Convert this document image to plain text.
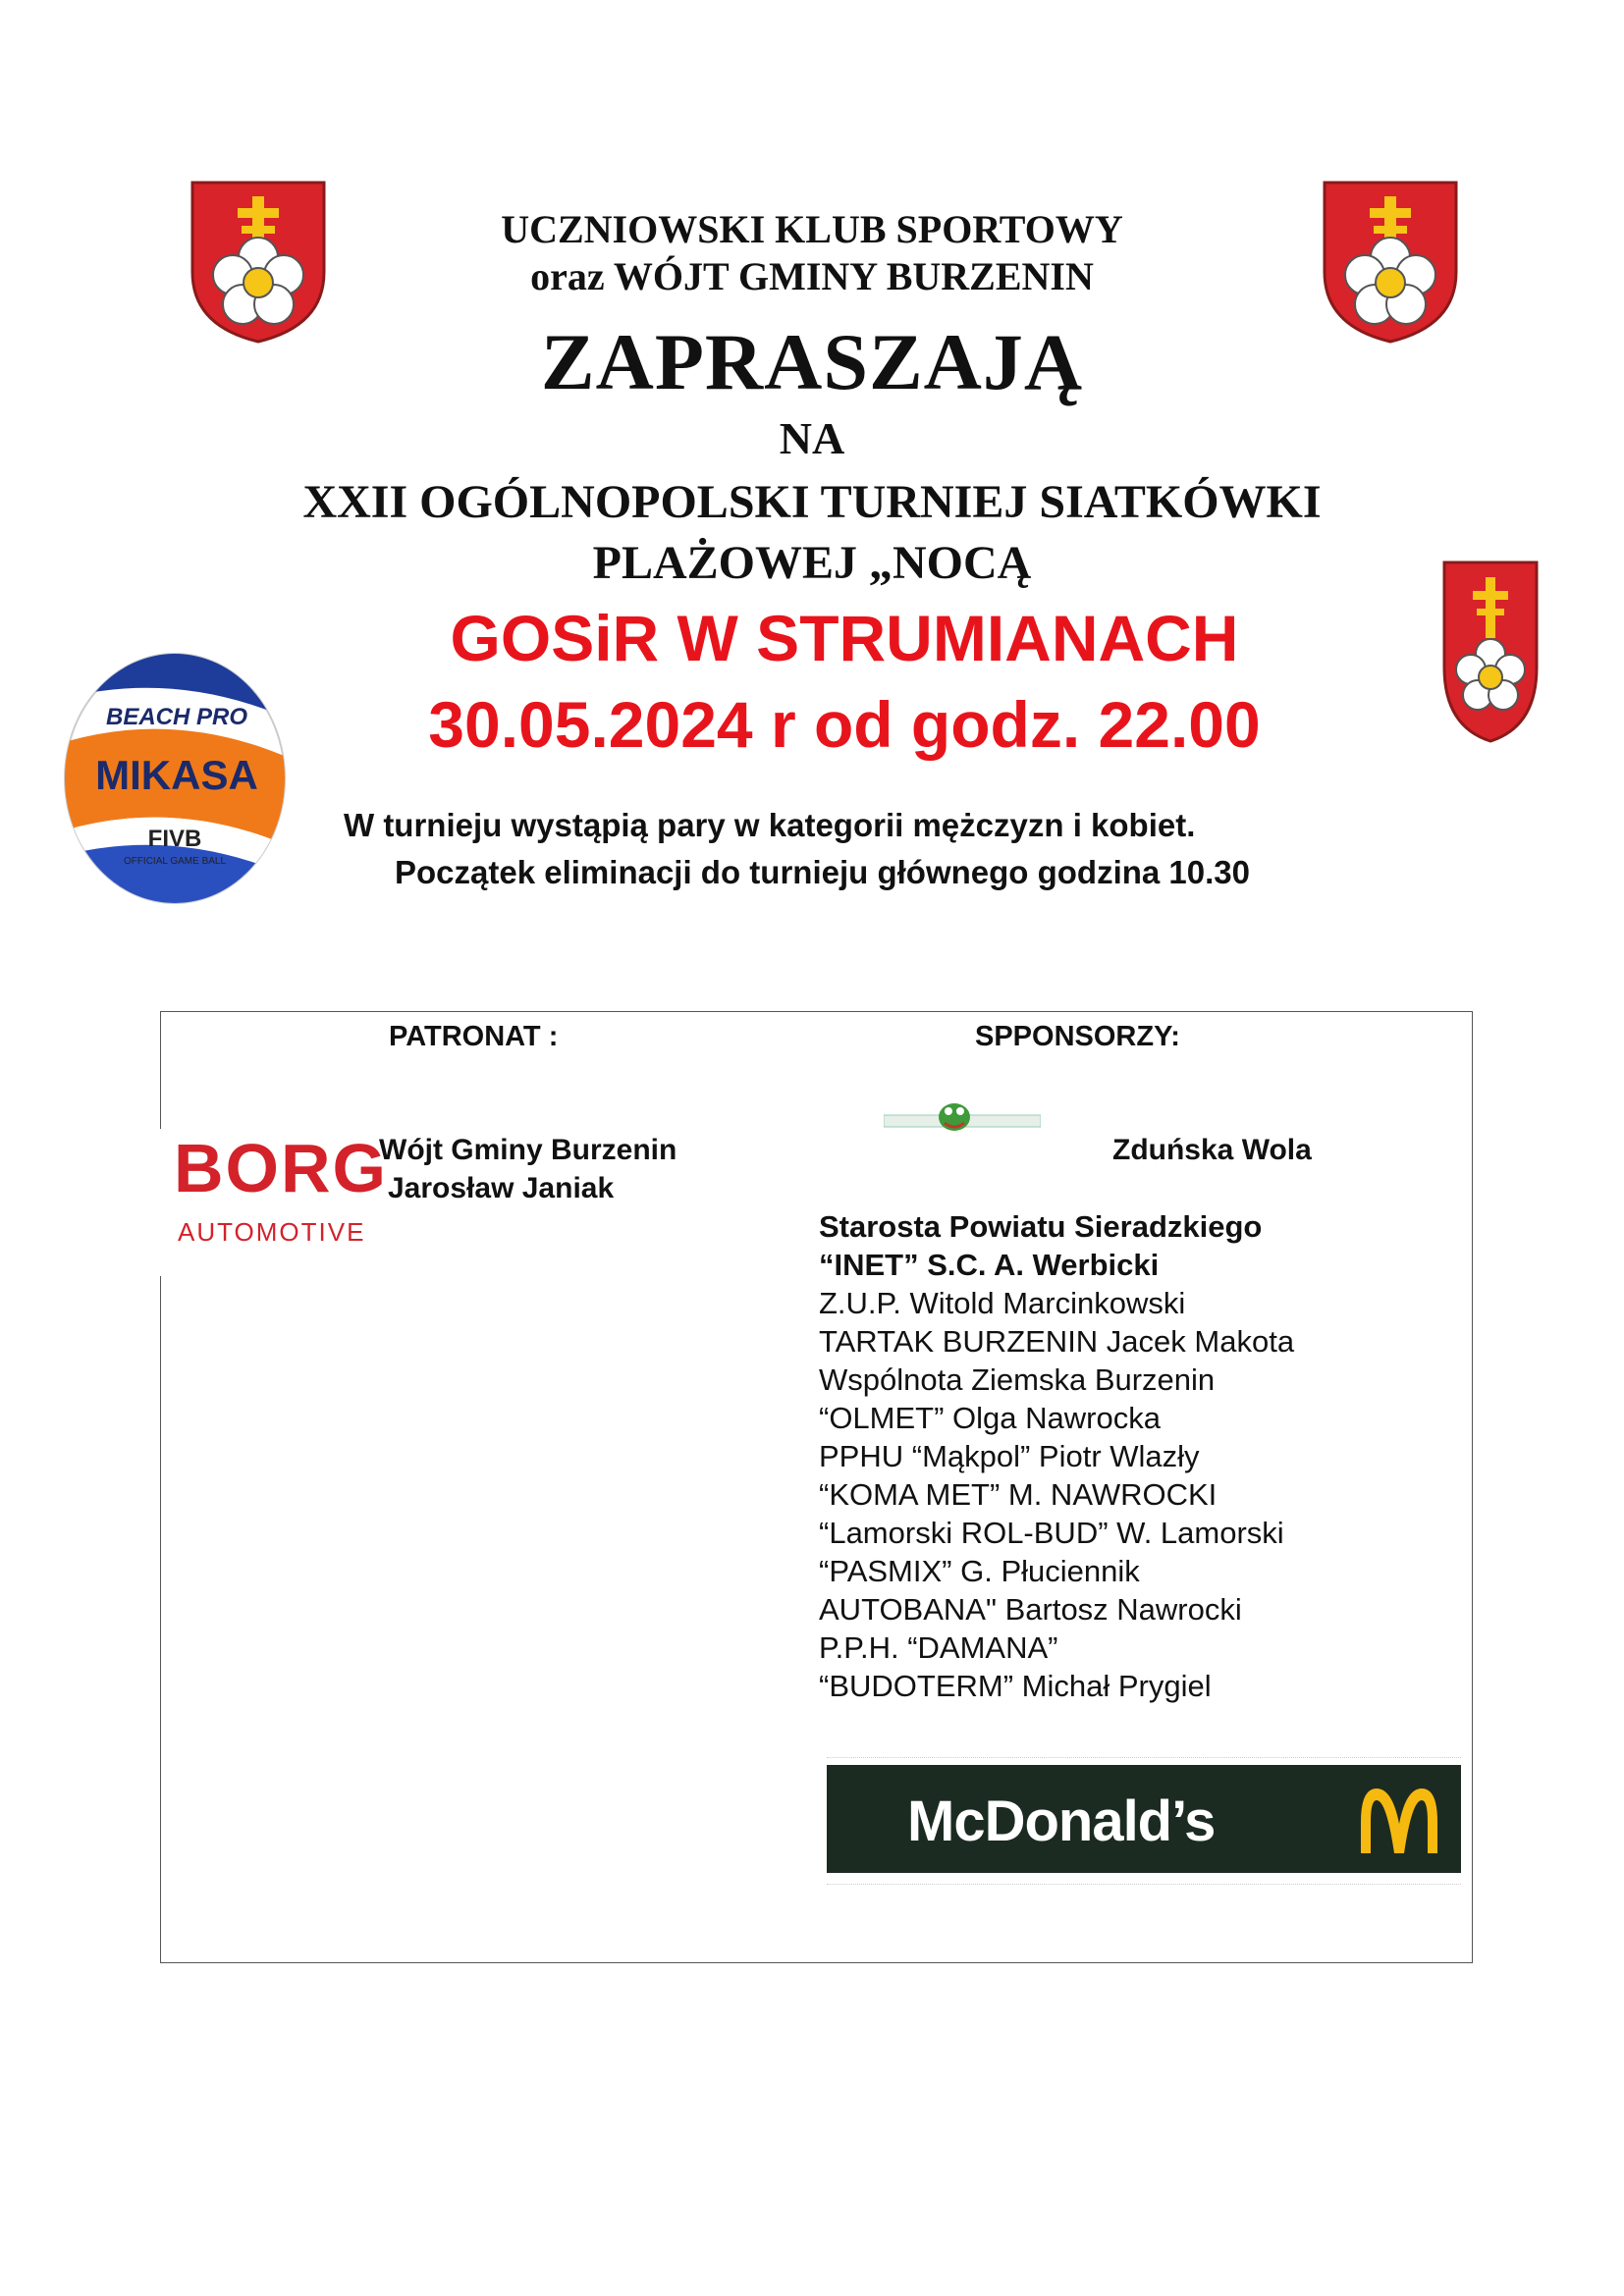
BEACH PRO
MIKASA
FIVB
OFFICIAL GAME BALL
UCZNIOWSKI KLUB SPORTOWY
oraz WÓJT GMINY BURZENIN
ZAPRASZAJĄ
NA
XXII OGÓLNOPOLSKI TURNIEJ SIATKÓWKI
PLAŻOWEJ „NOCĄ
GOSiR W STRUMIANACH
30.05.2024 r od godz. 22.00
W turnieju wystąpią pary w kategorii mężczyzn i kobiet.
Początek eliminacji do turnieju głównego godzina 10.30
PATRONAT :	SPPONSORZY:
Wójt Gminy Burzenin
Jarosław Janiak
BORG
AUTOMOTIVE
Zduńska Wola
Starosta Powiatu Sieradzkiego
“INET” S.C. A. Werbicki
Z.U.P. Witold Marcinkowski
TARTAK BURZENIN Jacek Makota
Wspólnota Ziemska Burzenin
“OLMET” Olga Nawrocka
PPHU “Mąkpol” Piotr Wlazły
“KOMA MET” M. NAWROCKI
“Lamorski ROL-BUD” W. Lamorski
“PASMIX” G. Płuciennik
AUTOBANA" Bartosz Nawrocki
P.P.H. “DAMANA”
“BUDOTERM” Michał Prygiel
McDonald’s
